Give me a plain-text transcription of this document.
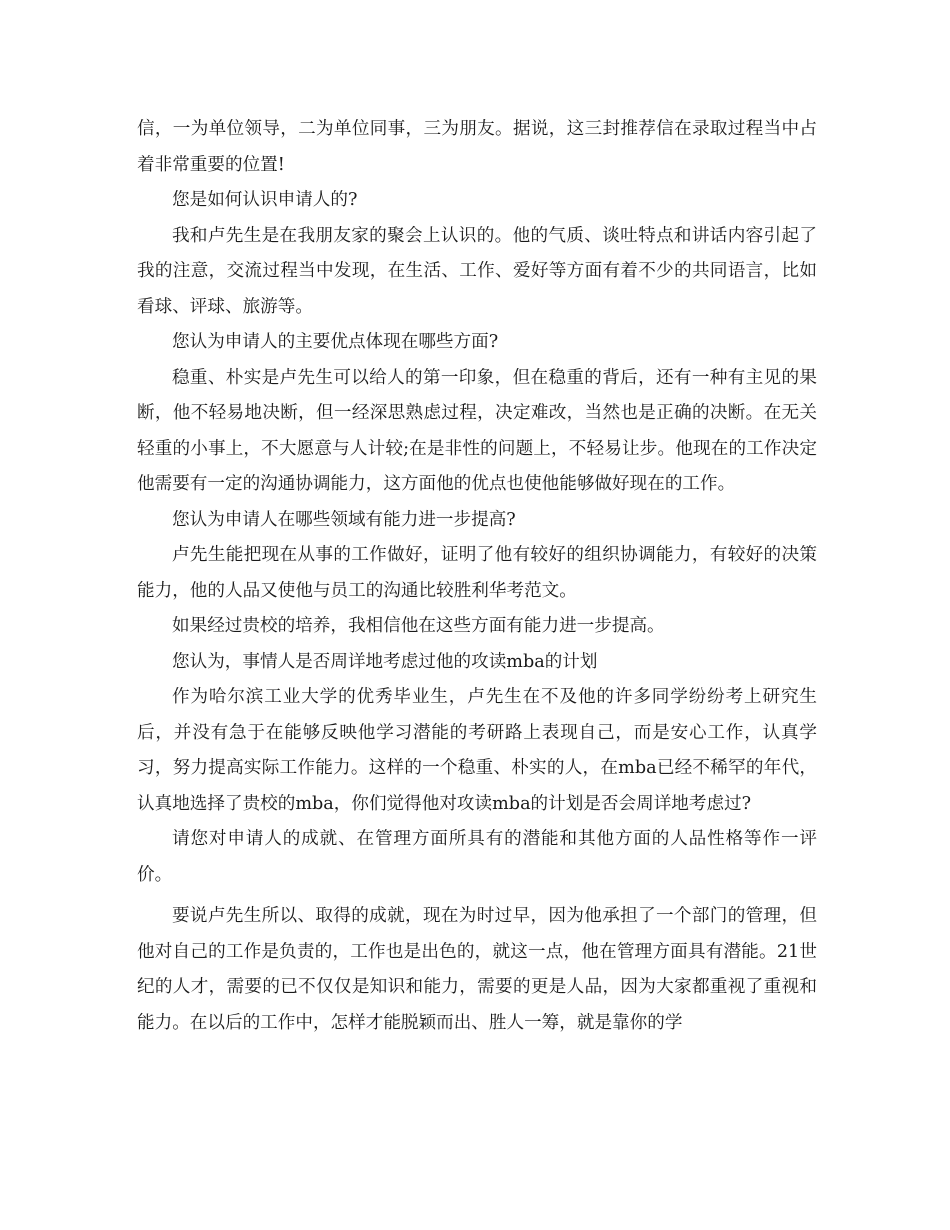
信，一为单位领导，二为单位同事，三为朋友。据说，这三封推荐信在录取过程当中占着非常重要的位置!

您是如何认识申请人的?

我和卢先生是在我朋友家的聚会上认识的。他的气质、谈吐特点和讲话内容引起了我的注意，交流过程当中发现，在生活、工作、爱好等方面有着不少的共同语言，比如看球、评球、旅游等。

您认为申请人的主要优点体现在哪些方面?

稳重、朴实是卢先生可以给人的第一印象，但在稳重的背后，还有一种有主见的果断，他不轻易地决断，但一经深思熟虑过程，决定难改，当然也是正确的决断。在无关轻重的小事上，不大愿意与人计较;在是非性的问题上，不轻易让步。他现在的工作决定他需要有一定的沟通协调能力，这方面他的优点也使他能够做好现在的工作。

您认为申请人在哪些领域有能力进一步提高?

卢先生能把现在从事的工作做好，证明了他有较好的组织协调能力，有较好的决策能力，他的人品又使他与员工的沟通比较胜利华考范文。

如果经过贵校的培养，我相信他在这些方面有能力进一步提高。

您认为，事情人是否周详地考虑过他的攻读mba的计划

作为哈尔滨工业大学的优秀毕业生，卢先生在不及他的许多同学纷纷考上研究生后，并没有急于在能够反映他学习潜能的考研路上表现自己，而是安心工作，认真学习，努力提高实际工作能力。这样的一个稳重、朴实的人，在mba已经不稀罕的年代，认真地选择了贵校的mba，你们觉得他对攻读mba的计划是否会周详地考虑过?

请您对申请人的成就、在管理方面所具有的潜能和其他方面的人品性格等作一评价。

要说卢先生所以、取得的成就，现在为时过早，因为他承担了一个部门的管理，但他对自己的工作是负责的，工作也是出色的，就这一点，他在管理方面具有潜能。21世纪的人才，需要的已不仅仅是知识和能力，需要的更是人品，因为大家都重视了重视和能力。在以后的工作中，怎样才能脱颖而出、胜人一筹，就是靠你的学
